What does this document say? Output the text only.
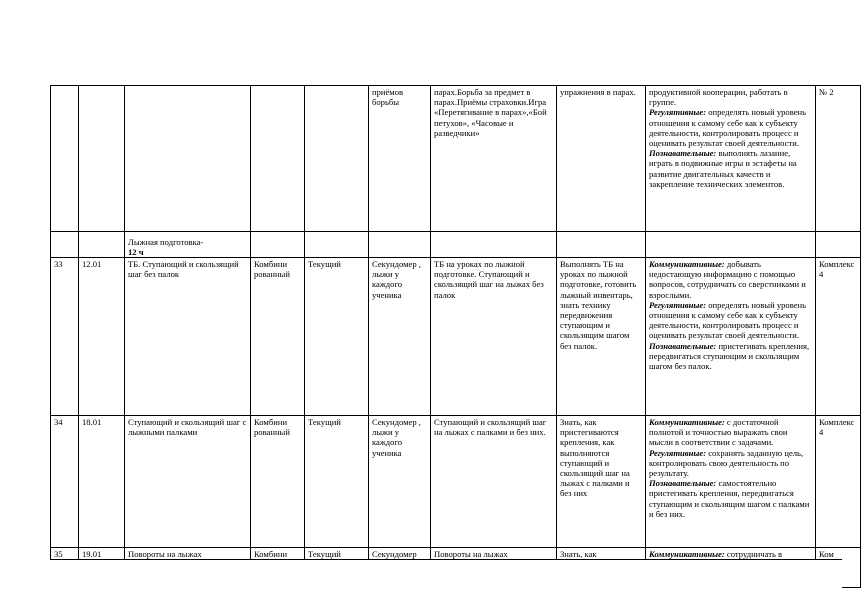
					приёмов борьбы	парах.Борьба за предмет в парах.Приёмы страховки.Игра «Перетягивание в парах»,«Бой петухов», «Часовые и разведчики»	упражнения в парах.	продуктивной кооперации, работать в группе.
Регулятивные: определять новый уровень отношения к самому себе как к субъекту деятельности, контролировать процесс и оценивать результат своей деятельности.
Познавательные: выполнять лазание, играть в подвижные игры и эстафеты на развитие двигательных качеств и закрепление технических элементов.	№ 2
		Лыжная подготовка-
12 ч							
33	12.01	ТБ. Ступающий и скользящий шаг без палок	Комбини рованный	Текущий	Секундомер , лыжи у каждого ученика	ТБ на уроках по лыжной подготовке. Ступающий и скользящий шаг на лыжах без палок	Выполнять ТБ на уроках по лыжной подготовке, готовить лыжный инвентарь, знать технику передвижения ступающим и скользящим шагом без палок.	Коммуникативные: добывать недостающую информацию с помощью вопросов, сотрудничать со сверстниками и взрослыми.
Регулятивные: определять новый уровень отношения к самому себе как к субъекту деятельности, контролировать процесс и оценивать результат своей деятельности.
Познавательные: пристегивать крепления, передвигаться ступающим и скользящим шагом без палок.	Комплекс4
34	18.01	Ступающий и скользящий шаг с лыжными палками	Комбини рованный	Текущий	Секундомер , лыжи у каждого ученика	Ступающий и скользящий шаг на лыжах с палками и без них.	Знать, как пристегиваются крепления, как выполняются ступающий и скользящий шаг на лыжах с палками и без них	Коммуникативные: с достаточной полнотой и точностью выражать свои мысли в соответствии с задачами.
Регулятивные: сохранять заданную цель, контролировать свою деятельность по результату.
Познавательные: самостоятельно пристегивать крепления, передвигаться ступающим и скользящим шагом с палками и без них.	Комплекс4
35	19.01	Повороты на лыжах	Комбини	Текущий	Секундомер	Повороты на лыжах	Знать, как	Коммуникативные: сотрудничать в	Ком
